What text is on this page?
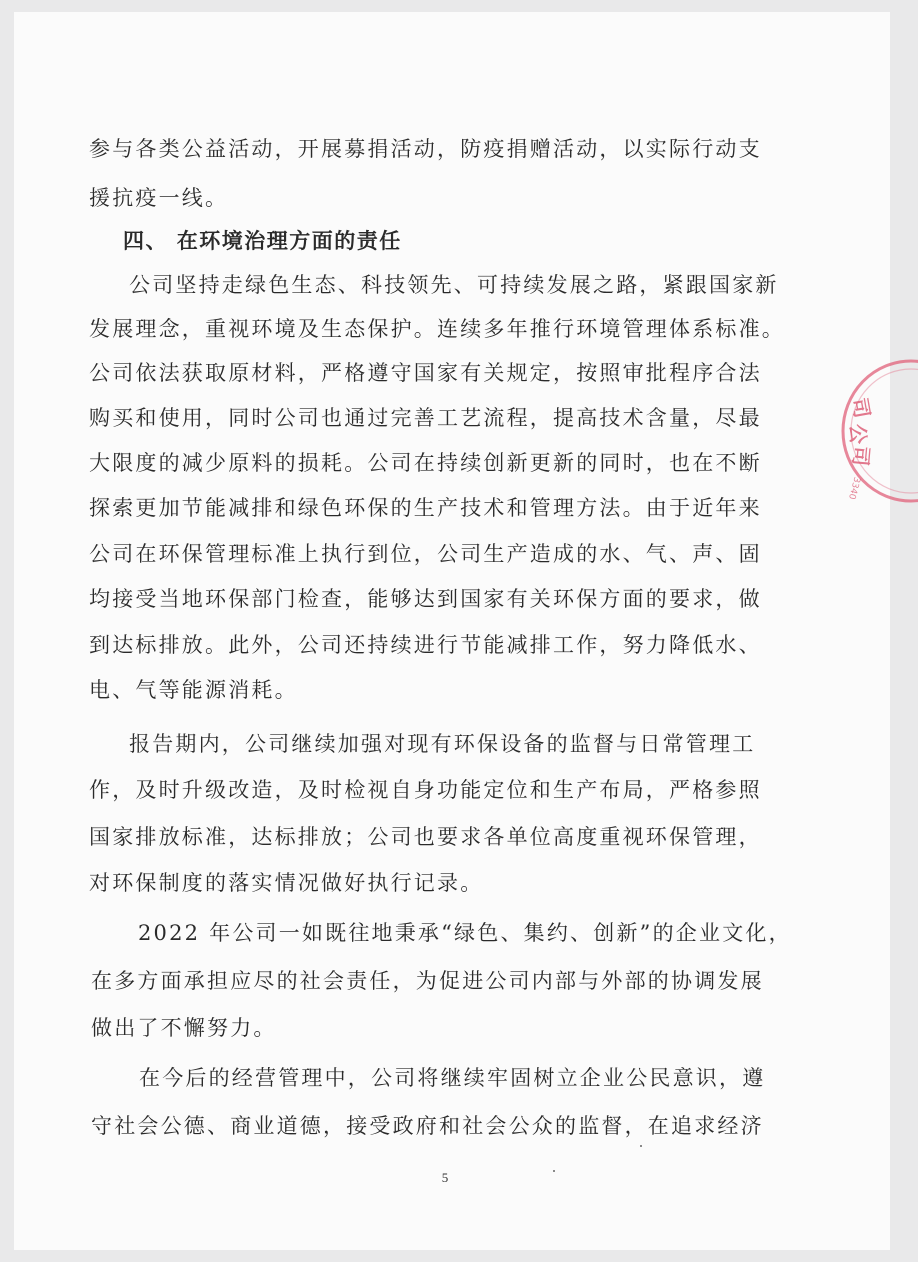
参与各类公益活动，开展募捐活动，防疫捐赠活动，以实际行动支
援抗疫一线。
四、 在环境治理方面的责任
公司坚持走绿色生态、科技领先、可持续发展之路，紧跟国家新
发展理念，重视环境及生态保护。连续多年推行环境管理体系标准。
公司依法获取原材料，严格遵守国家有关规定，按照审批程序合法
购买和使用，同时公司也通过完善工艺流程，提高技术含量，尽最
大限度的减少原料的损耗。公司在持续创新更新的同时，也在不断
探索更加节能减排和绿色环保的生产技术和管理方法。由于近年来
公司在环保管理标准上执行到位，公司生产造成的水、气、声、固
均接受当地环保部门检查，能够达到国家有关环保方面的要求，做
到达标排放。此外，公司还持续进行节能减排工作，努力降低水、
电、气等能源消耗。
报告期内，公司继续加强对现有环保设备的监督与日常管理工
作，及时升级改造，及时检视自身功能定位和生产布局，严格参照
国家排放标准，达标排放；公司也要求各单位高度重视环保管理，
对环保制度的落实情况做好执行记录。
2022 年公司一如既往地秉承“绿色、集约、创新”的企业文化，
在多方面承担应尽的社会责任，为促进公司内部与外部的协调发展
做出了不懈努力。
在今后的经营管理中，公司将继续牢固树立企业公民意识，遵
守社会公德、商业道德，接受政府和社会公众的监督，在追求经济
5
司
公
司
3340
